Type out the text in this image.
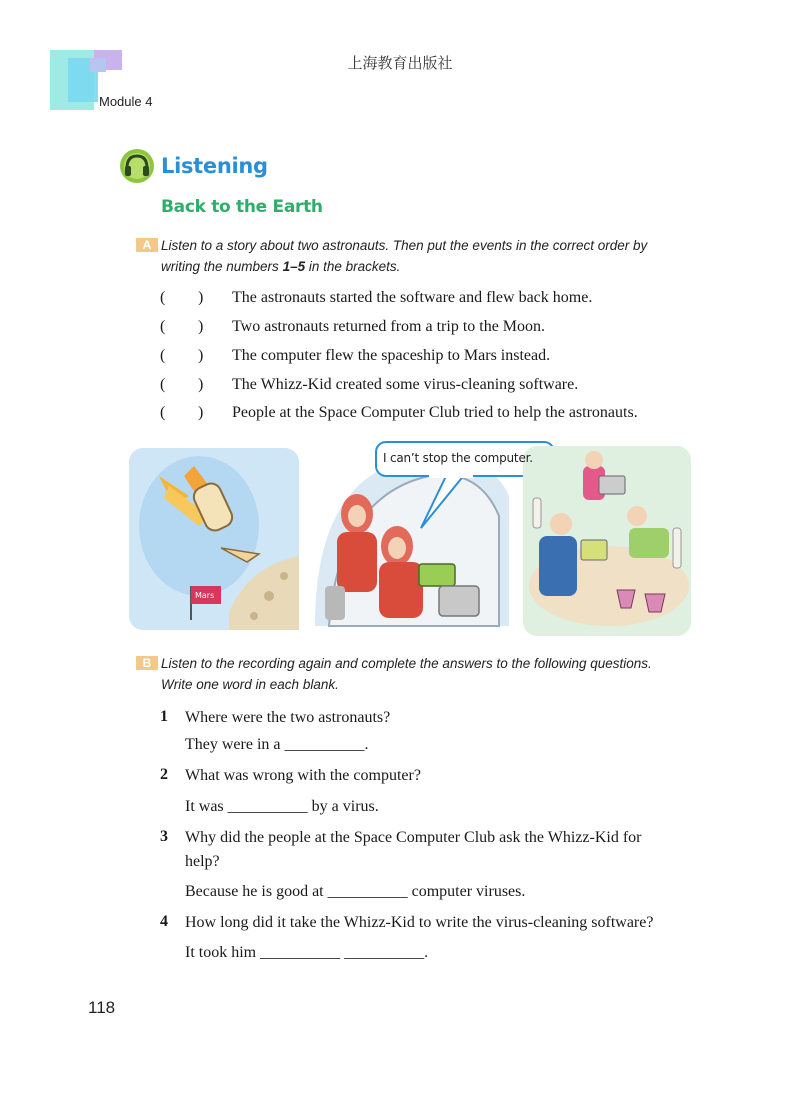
上海教育出版社
Module 4
Listening
Back to the Earth
A Listen to a story about two astronauts. Then put the events in the correct order by
writing the numbers 1–5 in the brackets.
( ) The astronauts started the software and flew back home.
( ) Two astronauts returned from a trip to the Moon.
( ) The computer flew the spaceship to Mars instead.
( ) The Whizz-Kid created some virus-cleaning software.
( ) People at the Space Computer Club tried to help the astronauts.
Mars
I can’t stop the computer.
B Listen to the recording again and complete the answers to the following questions.
Write one word in each blank.
1 Where were the two astronauts?
They were in a __________.
2 What was wrong with the computer?
It was __________ by a virus.
3 Why did the people at the Space Computer Club ask the Whizz-Kid for
help?
Because he is good at __________ computer viruses.
4 How long did it take the Whizz-Kid to write the virus-cleaning software?
It took him __________ __________.
118
